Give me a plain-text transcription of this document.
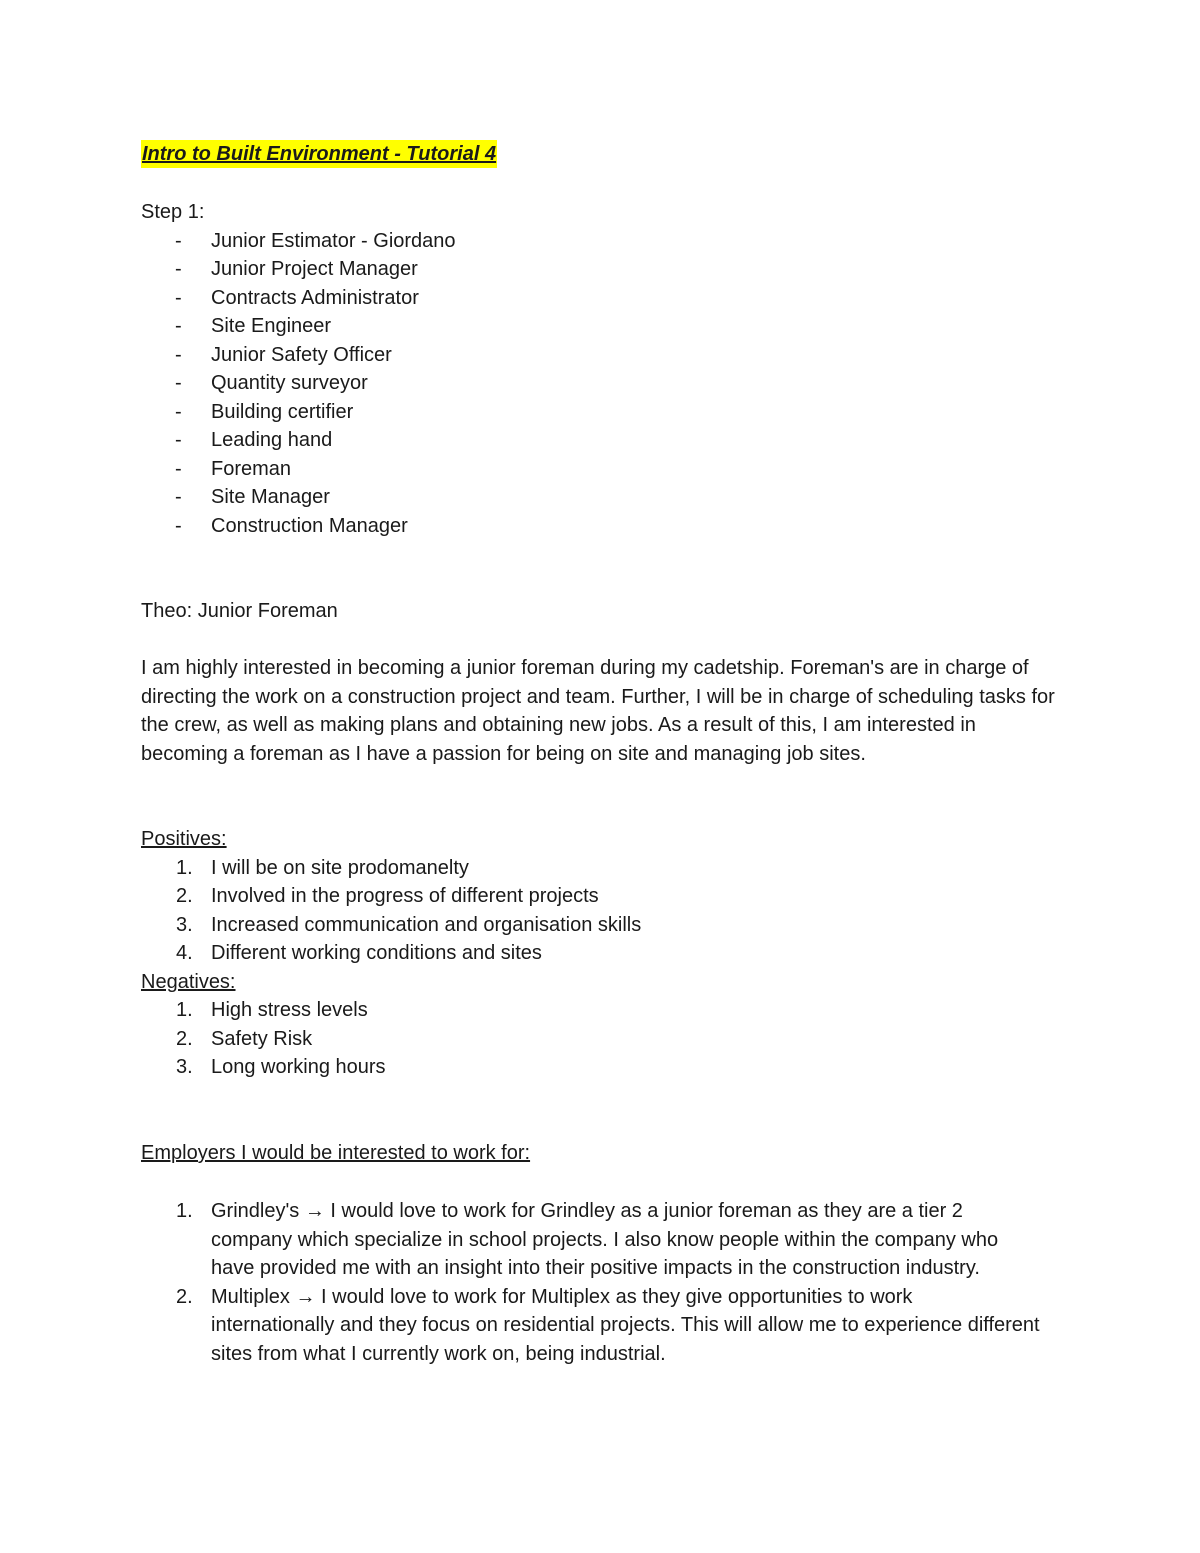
Intro to Built Environment - Tutorial 4
Step 1:
-	Junior Estimator - Giordano
-	Junior Project Manager
-	Contracts Administrator
-	Site Engineer
-	Junior Safety Officer
-	Quantity surveyor
-	Building certifier
-	Leading hand
-	Foreman
-	Site Manager
-	Construction Manager
Theo: Junior Foreman
I am highly interested in becoming a junior foreman during my cadetship. Foreman's are in charge of directing the work on a construction project and team. Further, I will be in charge of scheduling tasks for the crew, as well as making plans and obtaining new jobs. As a result of this, I am interested in becoming a foreman as I have a passion for being on site and managing job sites.
Positives:
1. I will be on site prodomanelty
2. Involved in the progress of different projects
3. Increased communication and organisation skills
4. Different working conditions and sites
Negatives:
1. High stress levels
2. Safety Risk
3. Long working hours
Employers I would be interested to work for:
1. Grindley's → I would love to work for Grindley as a junior foreman as they are a tier 2 company which specialize in school projects. I also know people within the company who have provided me with an insight into their positive impacts in the construction industry.
2. Multiplex → I would love to work for Multiplex as they give opportunities to work internationally and they focus on residential projects. This will allow me to experience different sites from what I currently work on, being industrial.
